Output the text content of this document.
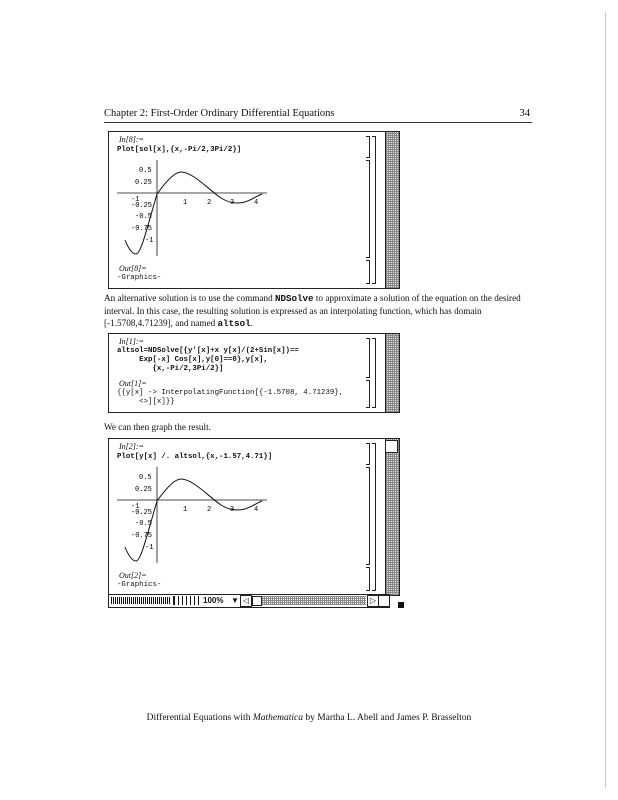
Chapter 2: First-Order Ordinary Differential Equations	34
In[8]:=
Plot[sol[x],{x,-Pi/2,3Pi/2}]
0.5
0.25
-0.25
-0.5
-0.75
-1
-1	1	2	3	4
Out[8]=
-Graphics-
An alternative solution is to use the command NDSolve to approximate a solution of the equation on the desired interval. In this case, the resulting solution is expressed as an interpolating function, which has domain [-1.5708,4.71239], and named altsol.
In[1]:=
altsol=NDSolve[{y'[x]+x y[x]/(2+Sin[x])==
Exp[-x] Cos[x],y[0]==0},y[x],
{x,-Pi/2,3Pi/2}]
Out[1]=
{{y[x] -> InterpolatingFunction[{-1.5708, 4.71239},
<>][x]}}
We can then graph the result.
In[2]:=
Plot[y[x] /. altsol,{x,-1.57,4.71}]
0.5
0.25
-0.25
-0.5
-0.75
-1
-1	1	2	3	4
Out[2]=
-Graphics-
100% ▼ ◁	▷
Differential Equations with Mathematica by Martha L. Abell and James P. Brasselton
